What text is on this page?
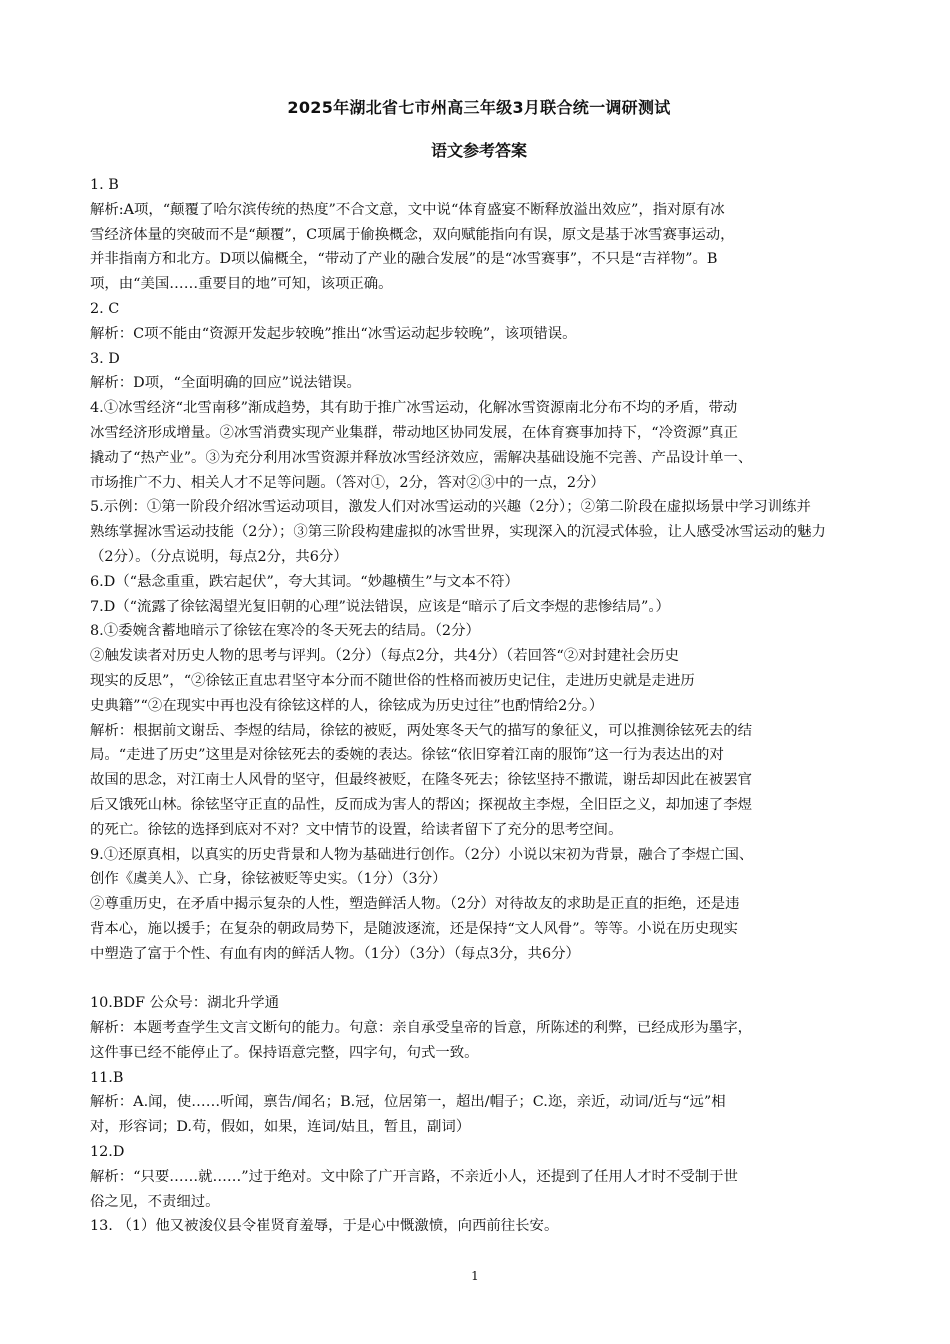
2025年湖北省七市州高三年级3月联合统一调研测试
语文参考答案

1. B

解析:A项，“颠覆了哈尔滨传统的热度”不合文意，文中说“体育盛宴不断释放溢出效应”，指对原有冰

雪经济体量的突破而不是“颠覆”，C项属于偷换概念，双向赋能指向有误，原文是基于冰雪赛事运动，

并非指南方和北方。D项以偏概全，“带动了产业的融合发展”的是“冰雪赛事”，不只是“吉祥物”。B

项，由“美国……重要目的地”可知，该项正确。

2. C

解析：C项不能由“资源开发起步较晚”推出“冰雪运动起步较晚”，该项错误。

3. D

解析：D项，“全面明确的回应”说法错误。

4.①冰雪经济“北雪南移”渐成趋势，其有助于推广冰雪运动，化解冰雪资源南北分布不均的矛盾，带动

冰雪经济形成增量。②冰雪消费实现产业集群，带动地区协同发展，在体育赛事加持下，“冷资源”真正

撬动了“热产业”。③为充分利用冰雪资源并释放冰雪经济效应，需解决基础设施不完善、产品设计单一、

市场推广不力、相关人才不足等问题。（答对①，2分，答对②③中的一点，2分）

5.示例：①第一阶段介绍冰雪运动项目，激发人们对冰雪运动的兴趣（2分）；②第二阶段在虚拟场景中学习训练并

熟练掌握冰雪运动技能（2分）；③第三阶段构建虚拟的冰雪世界，实现深入的沉浸式体验，让人感受冰雪运动的魅力

（2分）。（分点说明，每点2分，共6分）

6.D（“悬念重重，跌宕起伏”，夸大其词。“妙趣横生”与文本不符）

7.D（“流露了徐铉渴望光复旧朝的心理”说法错误，应该是“暗示了后文李煜的悲惨结局”。）

8.①委婉含蓄地暗示了徐铉在寒冷的冬天死去的结局。（2分）

②触发读者对历史人物的思考与评判。（2分）（每点2分，共4分）（若回答“②对封建社会历史

现实的反思”，“②徐铉正直忠君坚守本分而不随世俗的性格而被历史记住，走进历史就是走进历

史典籍”“②在现实中再也没有徐铉这样的人，徐铉成为历史过往”也酌情给2分。）

解析：根据前文谢岳、李煜的结局，徐铉的被贬，两处寒冬天气的描写的象征义，可以推测徐铉死去的结

局。“走进了历史”这里是对徐铉死去的委婉的表达。徐铉“依旧穿着江南的服饰”这一行为表达出的对

故国的思念，对江南士人风骨的坚守，但最终被贬，在隆冬死去；徐铉坚持不撒谎，谢岳却因此在被罢官

后又饿死山林。徐铉坚守正直的品性，反而成为害人的帮凶；探视故主李煜，全旧臣之义，却加速了李煜

的死亡。徐铉的选择到底对不对？文中情节的设置，给读者留下了充分的思考空间。

9.①还原真相，以真实的历史背景和人物为基础进行创作。（2分）小说以宋初为背景，融合了李煜亡国、

创作《虞美人》、亡身，徐铉被贬等史实。（1分）（3分）

②尊重历史，在矛盾中揭示复杂的人性，塑造鲜活人物。（2分）对待故友的求助是正直的拒绝，还是违

背本心，施以援手；在复杂的朝政局势下，是随波逐流，还是保持“文人风骨”。等等。小说在历史现实

中塑造了富于个性、有血有肉的鲜活人物。（1分）（3分）（每点3分，共6分）

10.BDF 公众号：湖北升学通

解析：本题考查学生文言文断句的能力。句意：亲自承受皇帝的旨意，所陈述的利弊，已经成形为墨字，

这件事已经不能停止了。保持语意完整，四字句，句式一致。

11.B

解析：A.闻，使……听闻，禀告/闻名；B.冠，位居第一，超出/帽子；C.迩，亲近，动词/近与“远”相

对，形容词；D.苟，假如，如果，连词/姑且，暂且，副词）

12.D

解析：“只要……就……”过于绝对。文中除了广开言路，不亲近小人，还提到了任用人才时不受制于世

俗之见，不责细过。

13. （1）他又被浚仪县令崔贤育羞辱，于是心中慨激愤，向西前往长安。

1
